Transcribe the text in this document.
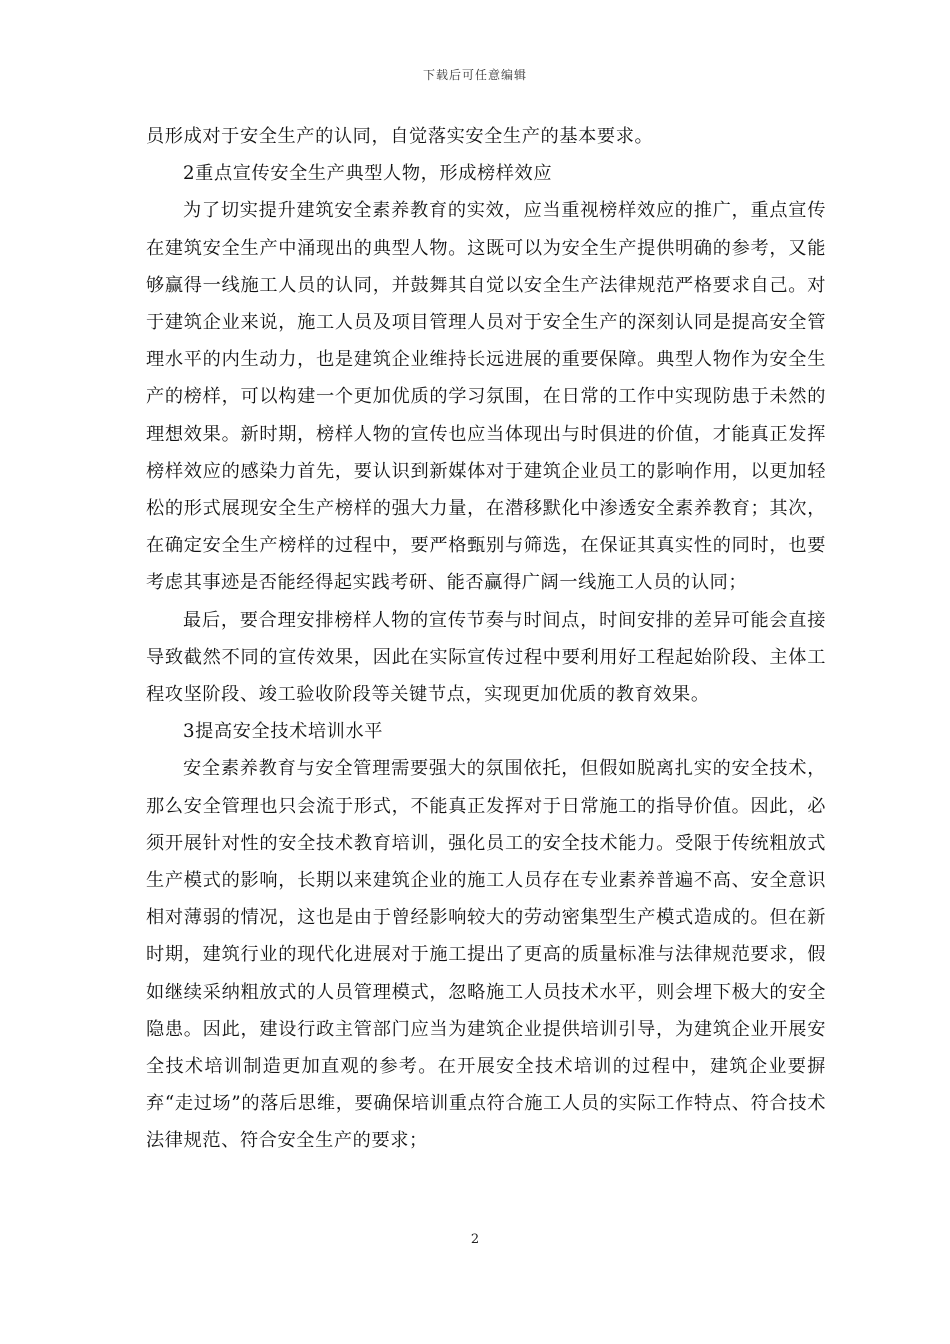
下载后可任意编辑

员形成对于安全生产的认同，自觉落实安全生产的基本要求。

2重点宣传安全生产典型人物，形成榜样效应

为了切实提升建筑安全素养教育的实效，应当重视榜样效应的推广，重点宣传在建筑安全生产中涌现出的典型人物。这既可以为安全生产提供明确的参考，又能够赢得一线施工人员的认同，并鼓舞其自觉以安全生产法律规范严格要求自己。对于建筑企业来说，施工人员及项目管理人员对于安全生产的深刻认同是提高安全管理水平的内生动力，也是建筑企业维持长远进展的重要保障。典型人物作为安全生产的榜样，可以构建一个更加优质的学习氛围，在日常的工作中实现防患于未然的理想效果。新时期，榜样人物的宣传也应当体现出与时俱进的价值，才能真正发挥榜样效应的感染力首先，要认识到新媒体对于建筑企业员工的影响作用，以更加轻松的形式展现安全生产榜样的强大力量，在潜移默化中渗透安全素养教育；其次，在确定安全生产榜样的过程中，要严格甄别与筛选，在保证其真实性的同时，也要考虑其事迹是否能经得起实践考研、能否赢得广阔一线施工人员的认同；

最后，要合理安排榜样人物的宣传节奏与时间点，时间安排的差异可能会直接导致截然不同的宣传效果，因此在实际宣传过程中要利用好工程起始阶段、主体工程攻坚阶段、竣工验收阶段等关键节点，实现更加优质的教育效果。

3提高安全技术培训水平

安全素养教育与安全管理需要强大的氛围依托，但假如脱离扎实的安全技术，那么安全管理也只会流于形式，不能真正发挥对于日常施工的指导价值。因此，必须开展针对性的安全技术教育培训，强化员工的安全技术能力。受限于传统粗放式生产模式的影响，长期以来建筑企业的施工人员存在专业素养普遍不高、安全意识相对薄弱的情况，这也是由于曾经影响较大的劳动密集型生产模式造成的。但在新时期，建筑行业的现代化进展对于施工提出了更高的质量标准与法律规范要求，假如继续采纳粗放式的人员管理模式，忽略施工人员技术水平，则会埋下极大的安全隐患。因此，建设行政主管部门应当为建筑企业提供培训引导，为建筑企业开展安全技术培训制造更加直观的参考。在开展安全技术培训的过程中，建筑企业要摒弃“走过场”的落后思维，要确保培训重点符合施工人员的实际工作特点、符合技术法律规范、符合安全生产的要求；

2
